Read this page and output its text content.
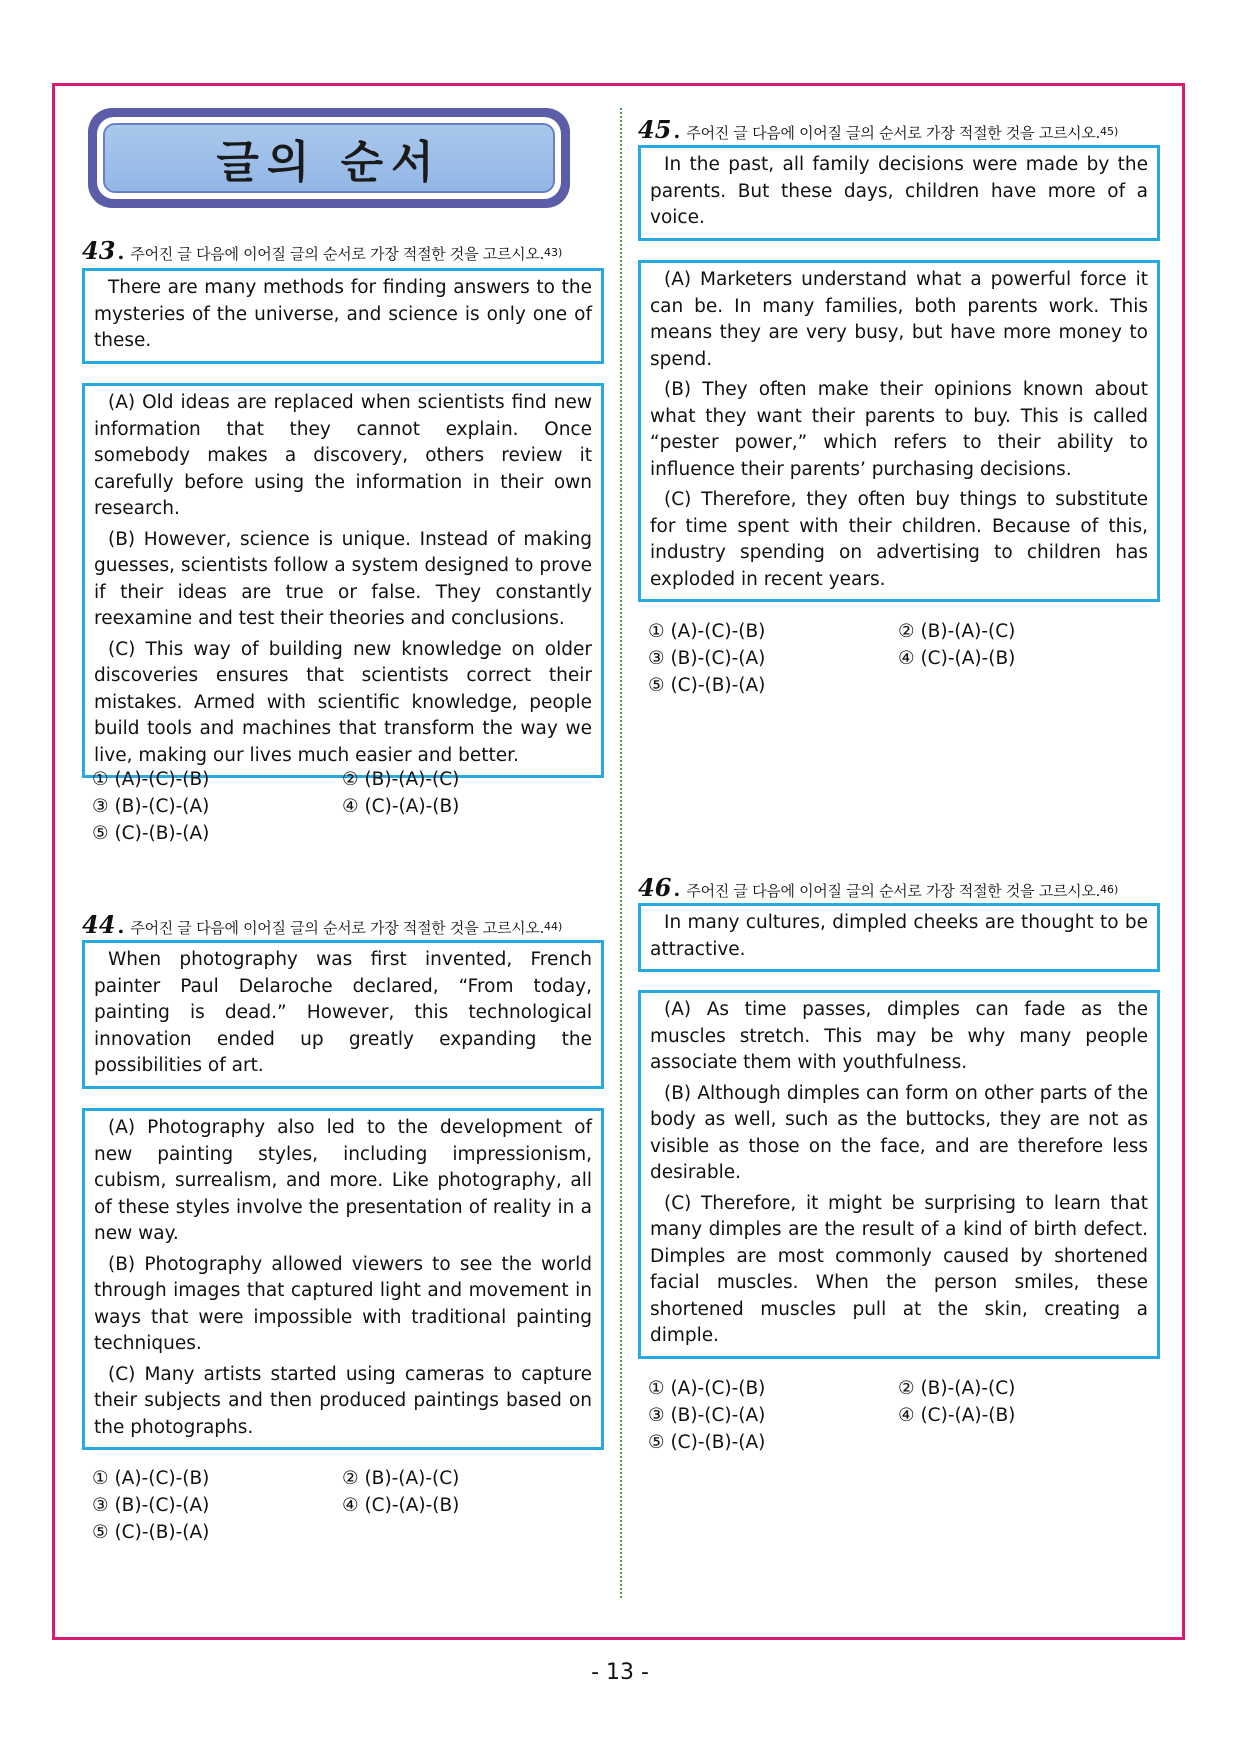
글의 순서
43 . 주어진 글 다음에 이어질 글의 순서로 가장 적절한 것을 고르시오. 43)

There are many methods for finding answers to the mysteries of the universe, and science is only one of these.

(A) Old ideas are replaced when scientists find new information that they cannot explain. Once somebody makes a discovery, others review it carefully before using the information in their own research.

(B) However, science is unique. Instead of making guesses, scientists follow a system designed to prove if their ideas are true or false. They constantly reexamine and test their theories and conclusions.

(C) This way of building new knowledge on older discoveries ensures that scientists correct their mistakes. Armed with scientific knowledge, people build tools and machines that transform the way we live, making our lives much easier and better.

① (A)-(C)-(B)	② (B)-(A)-(C)
③ (B)-(C)-(A)	④ (C)-(A)-(B)
⑤ (C)-(B)-(A)
44 . 주어진 글 다음에 이어질 글의 순서로 가장 적절한 것을 고르시오. 44)

When photography was first invented, French painter Paul Delaroche declared, “From today, painting is dead.” However, this technological innovation ended up greatly expanding the possibilities of art.

(A) Photography also led to the development of new painting styles, including impressionism, cubism, surrealism, and more. Like photography, all of these styles involve the presentation of reality in a new way.

(B) Photography allowed viewers to see the world through images that captured light and movement in ways that were impossible with traditional painting techniques.

(C) Many artists started using cameras to capture their subjects and then produced paintings based on the photographs.

① (A)-(C)-(B)	② (B)-(A)-(C)
③ (B)-(C)-(A)	④ (C)-(A)-(B)
⑤ (C)-(B)-(A)
45 . 주어진 글 다음에 이어질 글의 순서로 가장 적절한 것을 고르시오. 45)

In the past, all family decisions were made by the parents. But these days, children have more of a voice.

(A) Marketers understand what a powerful force it can be. In many families, both parents work. This means they are very busy, but have more money to spend.

(B) They often make their opinions known about what they want their parents to buy. This is called “pester power,” which refers to their ability to influence their parents’ purchasing decisions.

(C) Therefore, they often buy things to substitute for time spent with their children. Because of this, industry spending on advertising to children has exploded in recent years.

① (A)-(C)-(B)	② (B)-(A)-(C)
③ (B)-(C)-(A)	④ (C)-(A)-(B)
⑤ (C)-(B)-(A)
46 . 주어진 글 다음에 이어질 글의 순서로 가장 적절한 것을 고르시오. 46)

In many cultures, dimpled cheeks are thought to be attractive.

(A) As time passes, dimples can fade as the muscles stretch. This may be why many people associate them with youthfulness.

(B) Although dimples can form on other parts of the body as well, such as the buttocks, they are not as visible as those on the face, and are therefore less desirable.

(C) Therefore, it might be surprising to learn that many dimples are the result of a kind of birth defect. Dimples are most commonly caused by shortened facial muscles. When the person smiles, these shortened muscles pull at the skin, creating a dimple.

① (A)-(C)-(B)	② (B)-(A)-(C)
③ (B)-(C)-(A)	④ (C)-(A)-(B)
⑤ (C)-(B)-(A)
- 13 -
